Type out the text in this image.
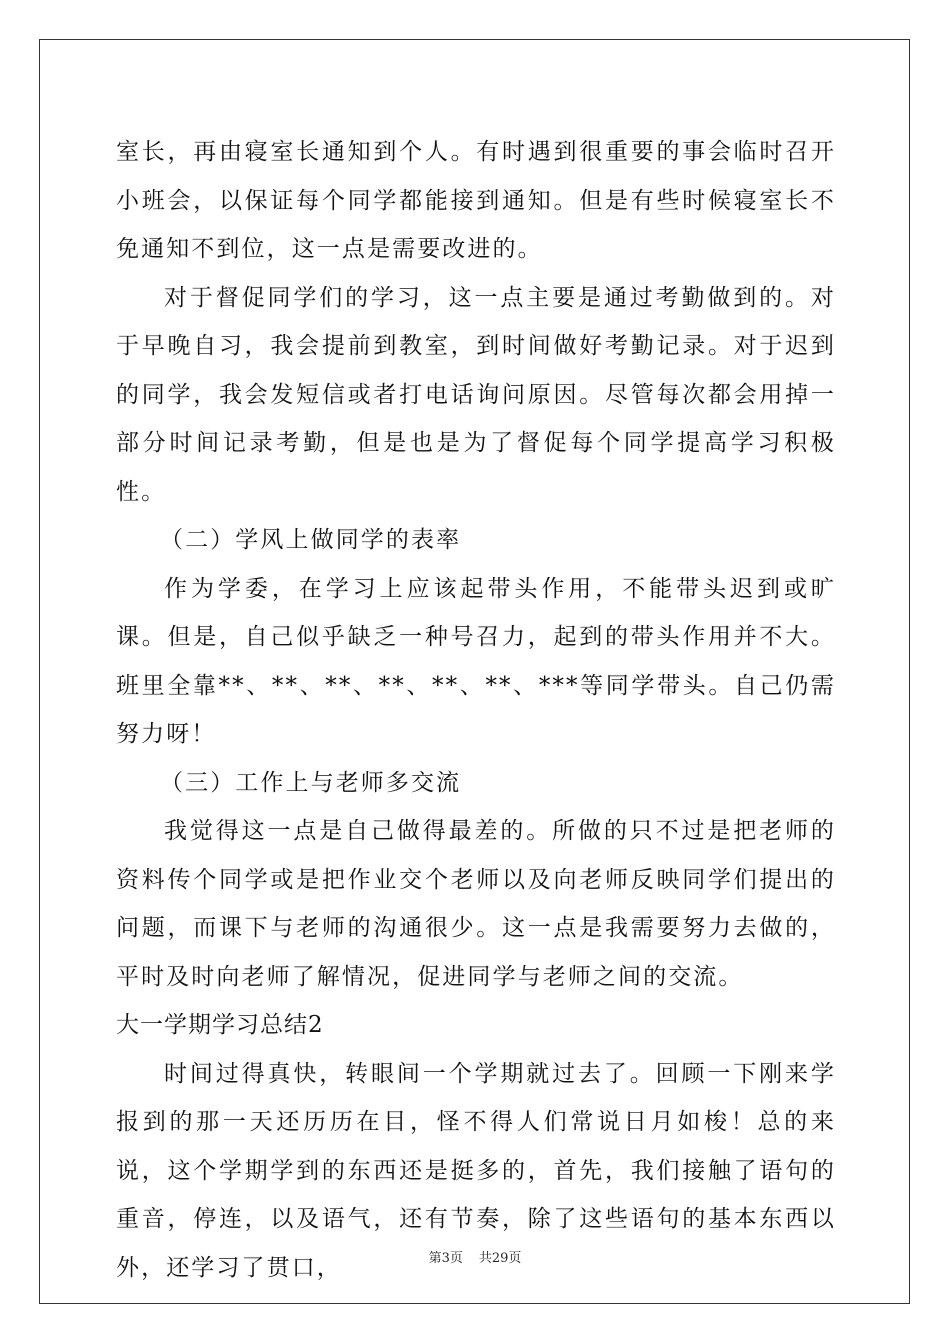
室长，再由寝室长通知到个人。有时遇到很重要的事会临时召开小班会，以保证每个同学都能接到通知。但是有些时候寝室长不免通知不到位，这一点是需要改进的。

对于督促同学们的学习，这一点主要是通过考勤做到的。对于早晚自习，我会提前到教室，到时间做好考勤记录。对于迟到的同学，我会发短信或者打电话询问原因。尽管每次都会用掉一部分时间记录考勤，但是也是为了督促每个同学提高学习积极性。

（二）学风上做同学的表率

作为学委，在学习上应该起带头作用，不能带头迟到或旷课。但是，自己似乎缺乏一种号召力，起到的带头作用并不大。班里全靠**、**、**、**、**、**、***等同学带头。自己仍需努力呀！

（三）工作上与老师多交流

我觉得这一点是自己做得最差的。所做的只不过是把老师的资料传个同学或是把作业交个老师以及向老师反映同学们提出的问题，而课下与老师的沟通很少。这一点是我需要努力去做的，平时及时向老师了解情况，促进同学与老师之间的交流。

大一学期学习总结2

时间过得真快，转眼间一个学期就过去了。回顾一下刚来学报到的那一天还历历在目，怪不得人们常说日月如梭！总的来说，这个学期学到的东西还是挺多的，首先，我们接触了语句的重音，停连，以及语气，还有节奏，除了这些语句的基本东西以外，还学习了贯口，	第3页 共29页
